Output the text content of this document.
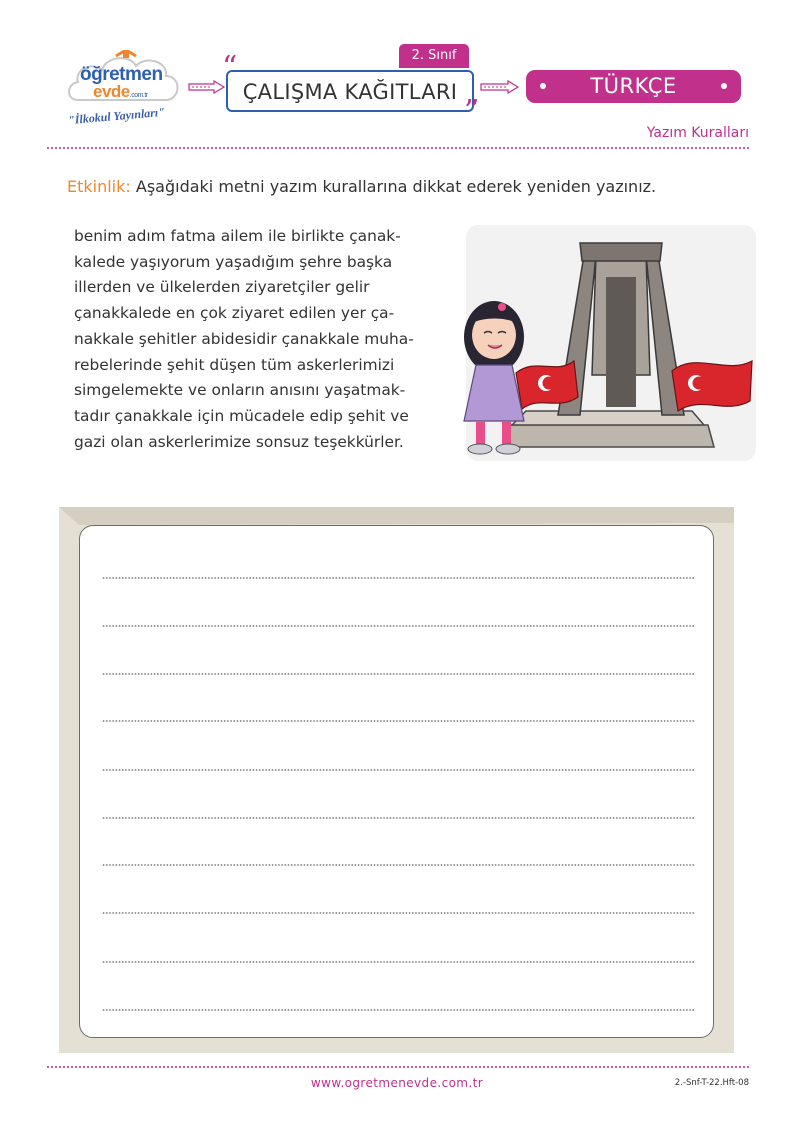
öğretmen
evde.com.tr
"İlkokul Yayınları"
2. Sınıf
ÇALIŞMA KAĞITLARI
“
”
TÜRKÇE
Yazım Kuralları
Etkinlik: Aşağıdaki metni yazım kurallarına dikkat ederek yeniden yazınız.
benim adım fatma ailem ile birlikte çanak-
kalede yaşıyorum yaşadığım şehre başka
illerden ve ülkelerden ziyaretçiler gelir
çanakkalede en çok ziyaret edilen yer ça-
nakkale şehitler abidesidir çanakkale muha-
rebelerinde şehit düşen tüm askerlerimizi
simgelemekte ve onların anısını yaşatmak-
tadır çanakkale için mücadele edip şehit ve
gazi olan askerlerimize sonsuz teşekkürler.
www.ogretmenevde.com.tr	2.-Snf-T-22.Hft-08
